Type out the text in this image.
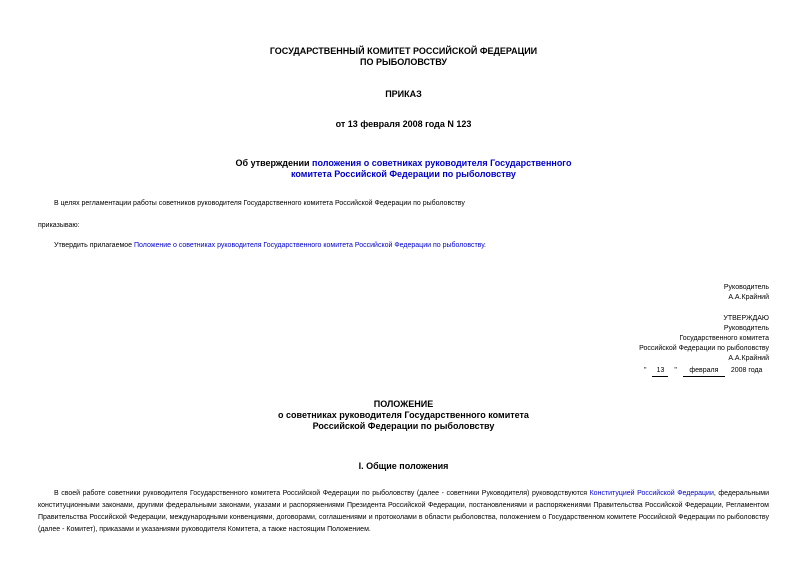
ГОСУДАРСТВЕННЫЙ КОМИТЕТ РОССИЙСКОЙ ФЕДЕРАЦИИ
ПО РЫБОЛОВСТВУ
ПРИКАЗ
от 13 февраля 2008 года N 123
Об утверждении положения о советниках руководителя Государственного
комитета Российской Федерации по рыболовству
В целях регламентации работы советников руководителя Государственного комитета Российской Федерации по рыболовству
приказываю:
Утвердить прилагаемое Положение о советниках руководителя Государственного комитета Российской Федерации по рыболовству.
Руководитель
А.А.Крайний
УТВЕРЖДАЮ
Руководитель
Государственного комитета
Российской Федерации по рыболовству
А.А.Крайний
" 13 " февраля 2008 года
ПОЛОЖЕНИЕ
о советниках руководителя Государственного комитета
Российской Федерации по рыболовству
I. Общие положения
В своей работе советники руководителя Государственного комитета Российской Федерации по рыболовству (далее - советники Руководителя) руководствуются Конституцией Российской Федерации, федеральными конституционными законами, другими федеральными законами, указами и распоряжениями Президента Российской Федерации, постановлениями и распоряжениями Правительства Российской Федерации, Регламентом Правительства Российской Федерации, международными конвенциями, договорами, соглашениями и протоколами в области рыболовства, положением о Государственном комитете Российской Федерации по рыболовству (далее - Комитет), приказами и указаниями руководителя Комитета, а также настоящим Положением.
